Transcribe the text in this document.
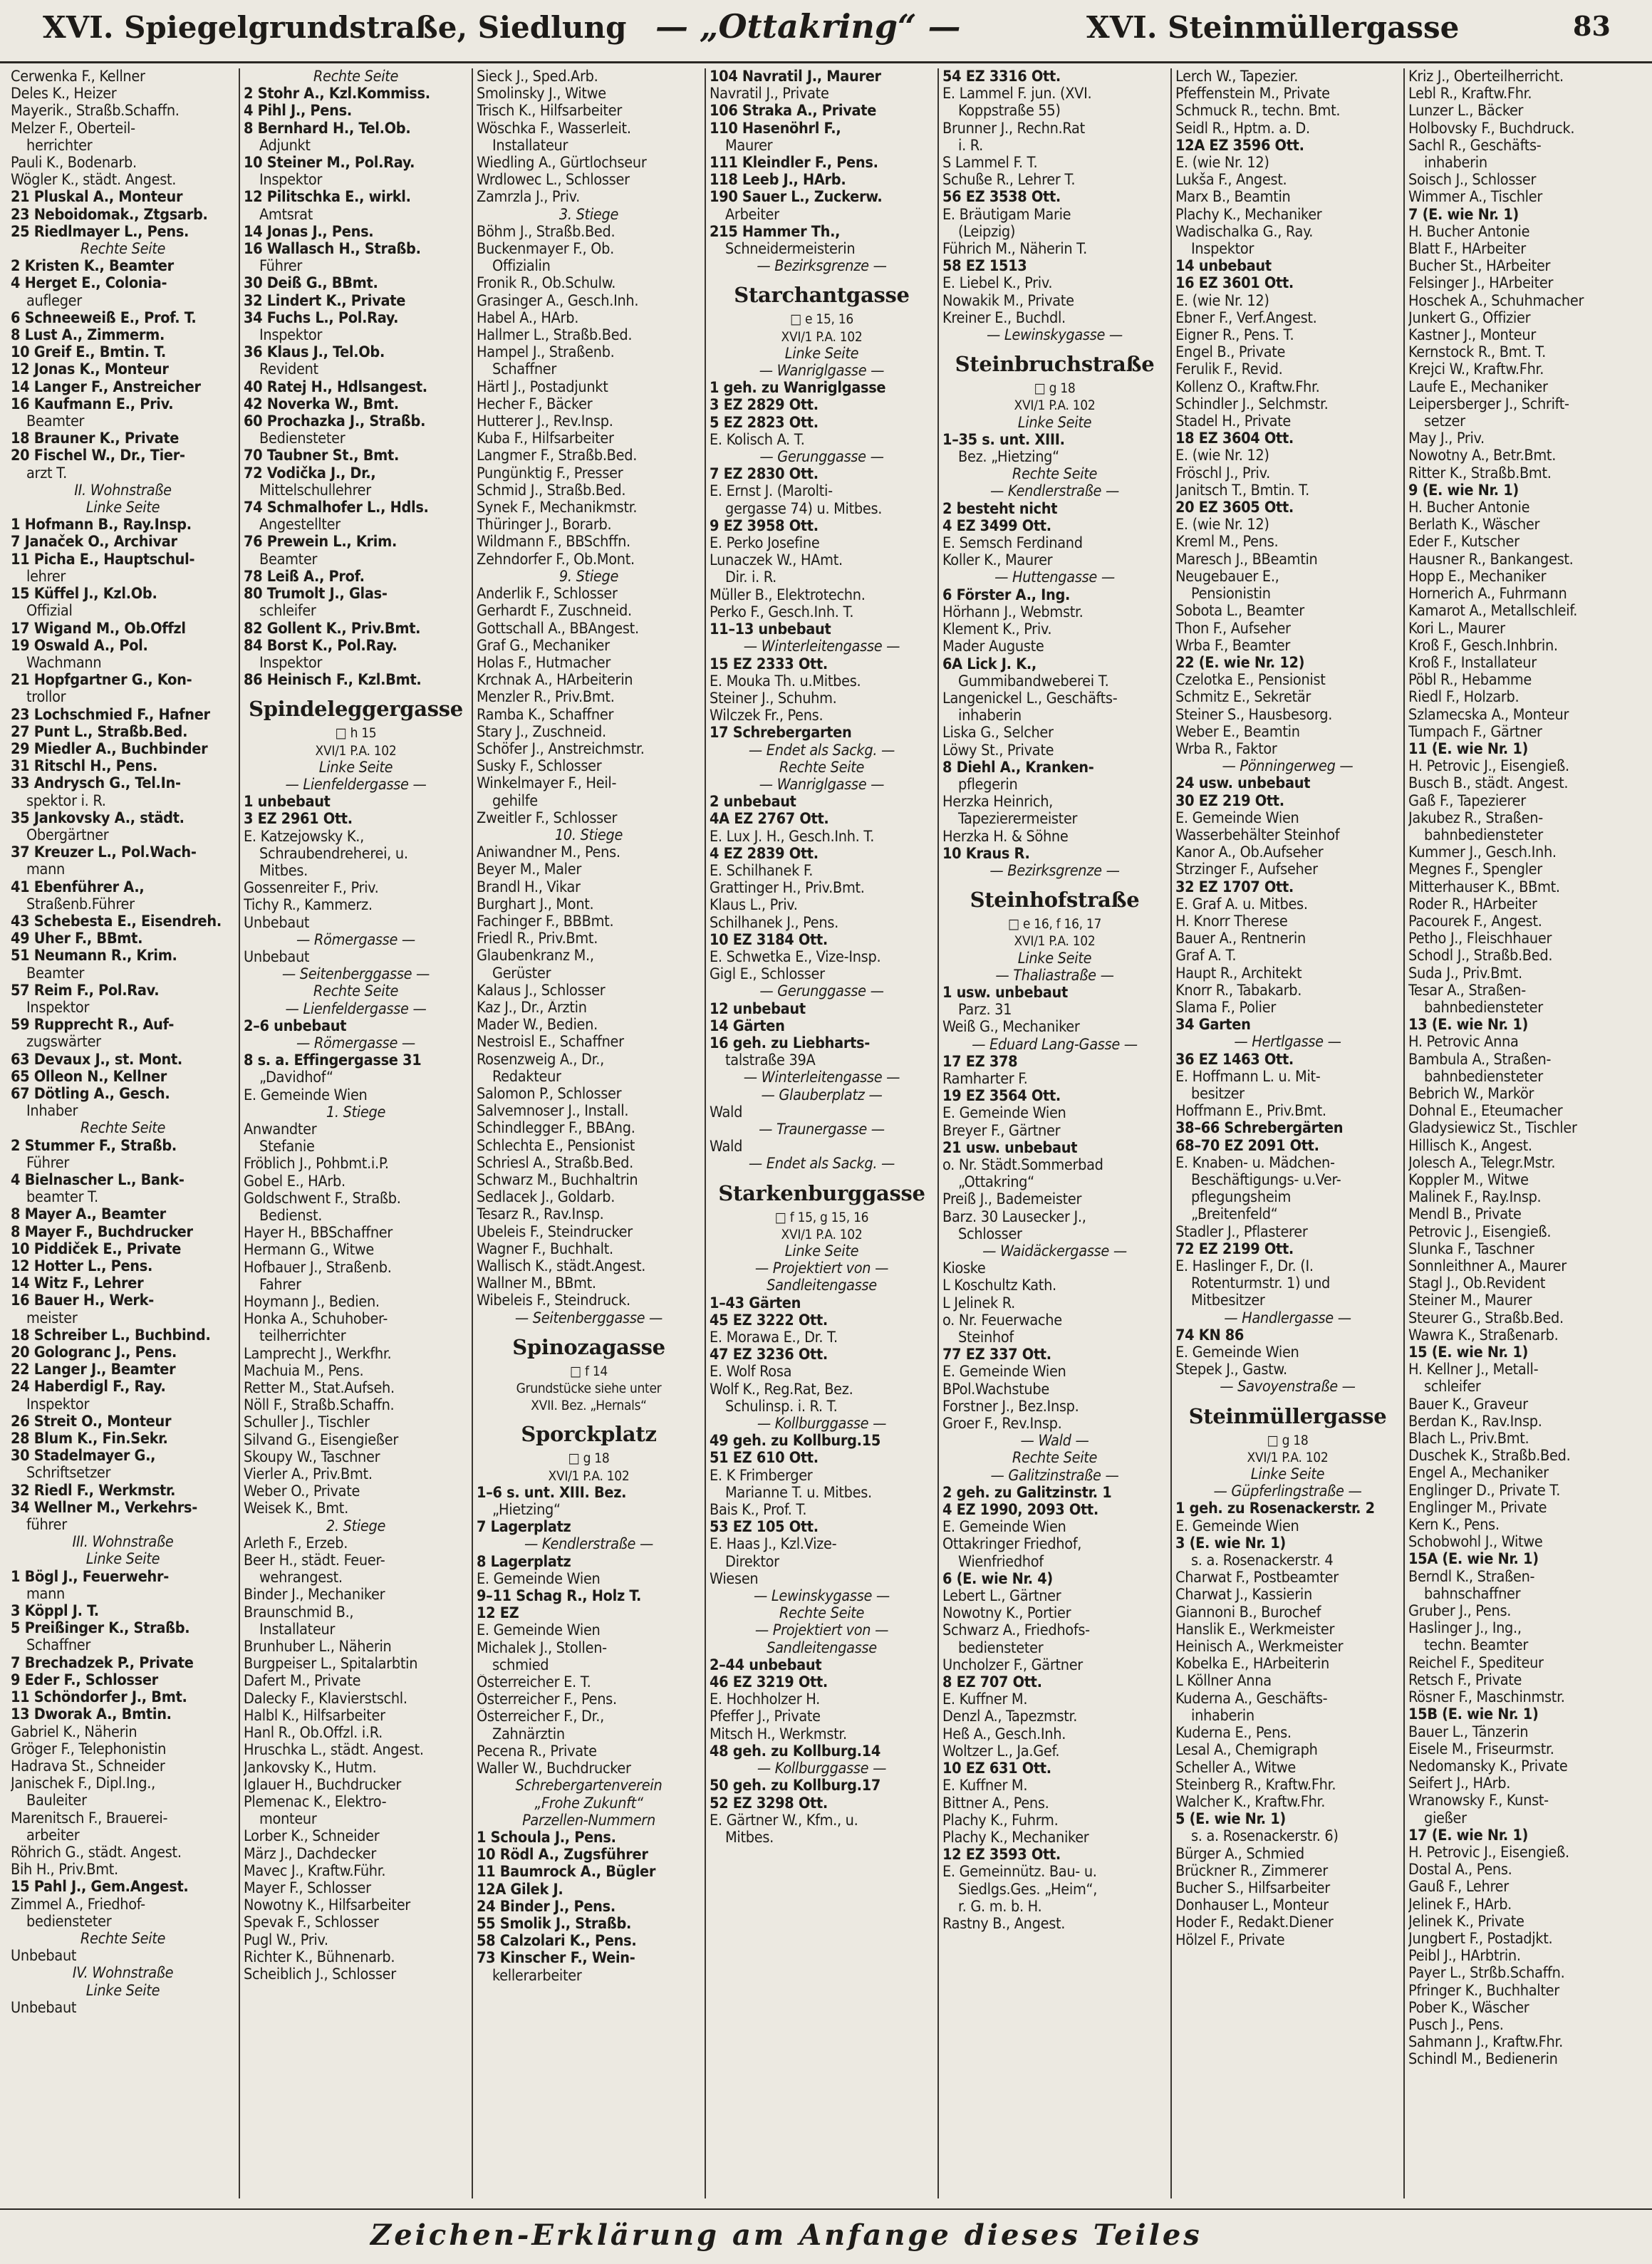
XVI. Spiegelgrundstraße, Siedlung — „Ottakring“ —	XVI. Steinmüllergasse	83
Cerwenka F., Kellner
Deles K., Heizer
Mayerik., Straßb.Schaffn.
Melzer F., Oberteil-
herrichter
Pauli K., Bodenarb.
Wögler K., städt. Angest.
21 Pluskal A., Monteur
23 Neboidomak., Ztgsarb.
25 Riedlmayer L., Pens.
Rechte Seite
2 Kristen K., Beamter
4 Herget E., Colonia-
aufleger
6 Schneeweiß E., Prof. T.
8 Lust A., Zimmerm.
10 Greif E., Bmtin. T.
12 Jonas K., Monteur
14 Langer F., Anstreicher
16 Kaufmann E., Priv.
Beamter
18 Brauner K., Private
20 Fischel W., Dr., Tier-
arzt T.
II. Wohnstraße
Linke Seite
1 Hofmann B., Ray.Insp.
7 Janaček O., Archivar
11 Picha E., Hauptschul-
lehrer
15 Küffel J., Kzl.Ob.
Offizial
17 Wigand M., Ob.Offzl
19 Oswald A., Pol.
Wachmann
21 Hopfgartner G., Kon-
trollor
23 Lochschmied F., Hafner
27 Punt L., Straßb.Bed.
29 Miedler A., Buchbinder
31 Ritschl H., Pens.
33 Andrysch G., Tel.In-
spektor i. R.
35 Jankovsky A., städt.
Obergärtner
37 Kreuzer L., Pol.Wach-
mann
41 Ebenführer A.,
Straßenb.Führer
43 Schebesta E., Eisendreh.
49 Uher F., BBmt.
51 Neumann R., Krim.
Beamter
57 Reim F., Pol.Rav.
Inspektor
59 Rupprecht R., Auf-
zugswärter
63 Devaux J., st. Mont.
65 Olleon N., Kellner
67 Dötling A., Gesch.
Inhaber
Rechte Seite
2 Stummer F., Straßb.
Führer
4 Bielnascher L., Bank-
beamter T.
8 Mayer A., Beamter
8 Mayer F., Buchdrucker
10 Piddiček E., Private
12 Hotter L., Pens.
14 Witz F., Lehrer
16 Bauer H., Werk-
meister
18 Schreiber L., Buchbind.
20 Gologranc J., Pens.
22 Langer J., Beamter
24 Haberdigl F., Ray.
Inspektor
26 Streit O., Monteur
28 Blum K., Fin.Sekr.
30 Stadelmayer G.,
Schriftsetzer
32 Riedl F., Werkmstr.
34 Wellner M., Verkehrs-
führer
III. Wohnstraße
Linke Seite
1 Bögl J., Feuerwehr-
mann
3 Köppl J. T.
5 Preißinger K., Straßb.
Schaffner
7 Brechadzek P., Private
9 Eder F., Schlosser
11 Schöndorfer J., Bmt.
13 Dworak A., Bmtin.
Gabriel K., Näherin
Gröger F., Telephonistin
Hadrava St., Schneider
Janischek F., Dipl.Ing.,
Bauleiter
Marenitsch F., Brauerei-
arbeiter
Röhrich G., städt. Angest.
Bih H., Priv.Bmt.
15 Pahl J., Gem.Angest.
Zimmel A., Friedhof-
bediensteter
Rechte Seite
Unbebaut
IV. Wohnstraße
Linke Seite
Unbebaut
Rechte Seite
2 Stohr A., Kzl.Kommiss.
4 Pihl J., Pens.
8 Bernhard H., Tel.Ob.
Adjunkt
10 Steiner M., Pol.Ray.
Inspektor
12 Pilitschka E., wirkl.
Amtsrat
14 Jonas J., Pens.
16 Wallasch H., Straßb.
Führer
30 Deiß G., BBmt.
32 Lindert K., Private
34 Fuchs L., Pol.Ray.
Inspektor
36 Klaus J., Tel.Ob.
Revident
40 Ratej H., Hdlsangest.
42 Noverka W., Bmt.
60 Prochazka J., Straßb.
Bediensteter
70 Taubner St., Bmt.
72 Vodička J., Dr.,
Mittelschullehrer
74 Schmalhofer L., Hdls.
Angestellter
76 Prewein L., Krim.
Beamter
78 Leiß A., Prof.
80 Trumolt J., Glas-
schleifer
82 Gollent K., Priv.Bmt.
84 Borst K., Pol.Ray.
Inspektor
86 Heinisch F., Kzl.Bmt.
Spindeleggergasse
□ h 15
XVI/1 P.A. 102
Linke Seite
— Lienfeldergasse —
1 unbebaut
3 EZ 2961 Ott.
E. Katzejowsky K.,
Schraubendreherei, u.
Mitbes.
Gossenreiter F., Priv.
Tichy R., Kammerz.
Unbebaut
— Römergasse —
Unbebaut
— Seitenberggasse —
Rechte Seite
— Lienfeldergasse —
2–6 unbebaut
— Römergasse —
8 s. a. Effingergasse 31
„Davidhof“
E. Gemeinde Wien
1. Stiege
Anwandter
Stefanie
Fröblich J., Pohbmt.i.P.
Gobel E., HArb.
Goldschwent F., Straßb.
Bedienst.
Hayer H., BBSchaffner
Hermann G., Witwe
Hofbauer J., Straßenb.
Fahrer
Hoymann J., Bedien.
Honka A., Schuhober-
teilherrichter
Lamprecht J., Werkfhr.
Machuia M., Pens.
Retter M., Stat.Aufseh.
Nöll F., Straßb.Schaffn.
Schuller J., Tischler
Silvand G., Eisengießer
Skoupy W., Taschner
Vierler A., Priv.Bmt.
Weber O., Private
Weisek K., Bmt.
2. Stiege
Arleth F., Erzeb.
Beer H., städt. Feuer-
wehrangest.
Binder J., Mechaniker
Braunschmid B.,
Installateur
Brunhuber L., Näherin
Burgpeiser L., Spitalarbtin
Dafert M., Private
Dalecky F., Klavierstschl.
Halbl K., Hilfsarbeiter
Hanl R., Ob.Offzl. i.R.
Hruschka L., städt. Angest.
Jankovsky K., Hutm.
Iglauer H., Buchdrucker
Plemenac K., Elektro-
monteur
Lorber K., Schneider
März J., Dachdecker
Mavec J., Kraftw.Führ.
Mayer F., Schlosser
Nowotny K., Hilfsarbeiter
Spevak F., Schlosser
Pugl W., Priv.
Richter K., Bühnenarb.
Scheiblich J., Schlosser
Sieck J., Sped.Arb.
Smolinsky J., Witwe
Trisch K., Hilfsarbeiter
Wöschka F., Wasserleit.
Installateur
Wiedling A., Gürtlochseur
Wrdlowec L., Schlosser
Zamrzla J., Priv.
3. Stiege
Böhm J., Straßb.Bed.
Buckenmayer F., Ob.
Offizialin
Fronik R., Ob.Schulw.
Grasinger A., Gesch.Inh.
Habel A., HArb.
Hallmer L., Straßb.Bed.
Hampel J., Straßenb.
Schaffner
Härtl J., Postadjunkt
Hecher F., Bäcker
Hutterer J., Rev.Insp.
Kuba F., Hilfsarbeiter
Langmer F., Straßb.Bed.
Pungünktig F., Presser
Schmid J., Straßb.Bed.
Synek F., Mechanikmstr.
Thüringer J., Borarb.
Wildmann F., BBSchffn.
Zehndorfer F., Ob.Mont.
9. Stiege
Anderlik F., Schlosser
Gerhardt F., Zuschneid.
Gottschall A., BBAngest.
Graf G., Mechaniker
Holas F., Hutmacher
Krchnak A., HArbeiterin
Menzler R., Priv.Bmt.
Ramba K., Schaffner
Stary J., Zuschneid.
Schöfer J., Anstreichmstr.
Susky F., Schlosser
Winkelmayer F., Heil-
gehilfe
Zweitler F., Schlosser
10. Stiege
Aniwandner M., Pens.
Beyer M., Maler
Brandl H., Vikar
Burghart J., Mont.
Fachinger F., BBBmt.
Friedl R., Priv.Bmt.
Glaubenkranz M.,
Gerüster
Kalaus J., Schlosser
Kaz J., Dr., Ärztin
Mader W., Bedien.
Nestroisl E., Schaffner
Rosenzweig A., Dr.,
Redakteur
Salomon P., Schlosser
Salvemnoser J., Install.
Schindlegger F., BBAng.
Schlechta E., Pensionist
Schriesl A., Straßb.Bed.
Schwarz M., Buchhaltrin
Sedlacek J., Goldarb.
Tesarz R., Rav.Insp.
Ubeleis F., Steindrucker
Wagner F., Buchhalt.
Wallisch K., städt.Angest.
Wallner M., BBmt.
Wibeleis F., Steindruck.
— Seitenberggasse —
Spinozagasse
□ f 14
Grundstücke siehe unter
XVII. Bez. „Hernals“
Sporckplatz
□ g 18
XVI/1 P.A. 102
1–6 s. unt. XIII. Bez.
„Hietzing“
7 Lagerplatz
— Kendlerstraße —
8 Lagerplatz
E. Gemeinde Wien
9–11 Schag R., Holz T.
12 EZ
E. Gemeinde Wien
Michalek J., Stollen-
schmied
Österreicher E. T.
Österreicher F., Pens.
Österreicher F., Dr.,
Zahnärztin
Pecena R., Private
Waller W., Buchdrucker
Schrebergartenverein
„Frohe Zukunft“
Parzellen-Nummern
1 Schoula J., Pens.
10 Rödl A., Zugsführer
11 Baumrock A., Bügler
12A Gilek J.
24 Binder J., Pens.
55 Smolik J., Straßb.
58 Calzolari K., Pens.
73 Kinscher F., Wein-
kellerarbeiter
104 Navratil J., Maurer
Navratil J., Private
106 Straka A., Private
110 Hasenöhrl F.,
Maurer
111 Kleindler F., Pens.
118 Leeb J., HArb.
190 Sauer L., Zuckerw.
Arbeiter
215 Hammer Th.,
Schneidermeisterin
— Bezirksgrenze —
Starchantgasse
□ e 15, 16
XVI/1 P.A. 102
Linke Seite
— Wanriglgasse —
1 geh. zu Wanriglgasse
3 EZ 2829 Ott.
5 EZ 2823 Ott.
E. Kolisch A. T.
— Gerunggasse —
7 EZ 2830 Ott.
E. Ernst J. (Marolti-
gergasse 74) u. Mitbes.
9 EZ 3958 Ott.
E. Perko Josefine
Lunaczek W., HAmt.
Dir. i. R.
Müller B., Elektrotechn.
Perko F., Gesch.Inh. T.
11–13 unbebaut
— Winterleitengasse —
15 EZ 2333 Ott.
E. Mouka Th. u.Mitbes.
Steiner J., Schuhm.
Wilczek Fr., Pens.
17 Schrebergarten
— Endet als Sackg. —
Rechte Seite
— Wanriglgasse —
2 unbebaut
4A EZ 2767 Ott.
E. Lux J. H., Gesch.Inh. T.
4 EZ 2839 Ott.
E. Schilhanek F.
Grattinger H., Priv.Bmt.
Klaus L., Priv.
Schilhanek J., Pens.
10 EZ 3184 Ott.
E. Schwetka E., Vize-Insp.
Gigl E., Schlosser
— Gerunggasse —
12 unbebaut
14 Gärten
16 geh. zu Liebharts-
talstraße 39A
— Winterleitengasse —
— Glauberplatz —
Wald
— Traunergasse —
Wald
— Endet als Sackg. —
Starkenburggasse
□ f 15, g 15, 16
XVI/1 P.A. 102
Linke Seite
— Projektiert von —
Sandleitengasse
1–43 Gärten
45 EZ 3222 Ott.
E. Morawa E., Dr. T.
47 EZ 3236 Ott.
E. Wolf Rosa
Wolf K., Reg.Rat, Bez.
Schulinsp. i. R. T.
— Kollburggasse —
49 geh. zu Kollburg.15
51 EZ 610 Ott.
E. K Frimberger
Marianne T. u. Mitbes.
Bais K., Prof. T.
53 EZ 105 Ott.
E. Haas J., Kzl.Vize-
Direktor
Wiesen
— Lewinskygasse —
Rechte Seite
— Projektiert von —
Sandleitengasse
2–44 unbebaut
46 EZ 3219 Ott.
E. Hochholzer H.
Pfeffer J., Private
Mitsch H., Werkmstr.
48 geh. zu Kollburg.14
— Kollburggasse —
50 geh. zu Kollburg.17
52 EZ 3298 Ott.
E. Gärtner W., Kfm., u.
Mitbes.
54 EZ 3316 Ott.
E. Lammel F. jun. (XVI.
Koppstraße 55)
Brunner J., Rechn.Rat
i. R.
S Lammel F. T.
Schuße R., Lehrer T.
56 EZ 3538 Ott.
E. Bräutigam Marie
(Leipzig)
Führich M., Näherin T.
58 EZ 1513
E. Liebel K., Priv.
Nowakik M., Private
Kreiner E., Buchdl.
— Lewinskygasse —
Steinbruchstraße
□ g 18
XVI/1 P.A. 102
Linke Seite
1–35 s. unt. XIII.
Bez. „Hietzing“
Rechte Seite
— Kendlerstraße —
2 besteht nicht
4 EZ 3499 Ott.
E. Semsch Ferdinand
Koller K., Maurer
— Huttengasse —
6 Förster A., Ing.
Hörhann J., Webmstr.
Klement K., Priv.
Mader Auguste
6A Lick J. K.,
Gummibandweberei T.
Langenickel L., Geschäfts-
inhaberin
Liska G., Selcher
Löwy St., Private
8 Diehl A., Kranken-
pflegerin
Herzka Heinrich,
Tapezierermeister
Herzka H. & Söhne
10 Kraus R.
— Bezirksgrenze —
Steinhofstraße
□ e 16, f 16, 17
XVI/1 P.A. 102
Linke Seite
— Thaliastraße —
1 usw. unbebaut
Parz. 31
Weiß G., Mechaniker
— Eduard Lang-Gasse —
17 EZ 378
Ramharter F.
19 EZ 3564 Ott.
E. Gemeinde Wien
Breyer F., Gärtner
21 usw. unbebaut
o. Nr. Städt.Sommerbad
„Ottakring“
Preiß J., Bademeister
Barz. 30 Lausecker J.,
Schlosser
— Waidäckergasse —
Kioske
L Koschultz Kath.
L Jelinek R.
o. Nr. Feuerwache
Steinhof
77 EZ 337 Ott.
E. Gemeinde Wien
BPol.Wachstube
Forstner J., Bez.Insp.
Groer F., Rev.Insp.
— Wald —
Rechte Seite
— Galitzinstraße —
2 geh. zu Galitzinstr. 1
4 EZ 1990, 2093 Ott.
E. Gemeinde Wien
Ottakringer Friedhof,
Wienfriedhof
6 (E. wie Nr. 4)
Lebert L., Gärtner
Nowotny K., Portier
Schwarz A., Friedhofs-
bediensteter
Uncholzer F., Gärtner
8 EZ 707 Ott.
E. Kuffner M.
Denzl A., Tapezmstr.
Heß A., Gesch.Inh.
Woltzer L., Ja.Gef.
10 EZ 631 Ott.
E. Kuffner M.
Bittner A., Pens.
Plachy K., Fuhrm.
Plachy K., Mechaniker
12 EZ 3593 Ott.
E. Gemeinnütz. Bau- u.
Siedlgs.Ges. „Heim“,
r. G. m. b. H.
Rastny B., Angest.
Lerch W., Tapezier.
Pfeffenstein M., Private
Schmuck R., techn. Bmt.
Seidl R., Hptm. a. D.
12A EZ 3596 Ott.
E. (wie Nr. 12)
Lukša F., Angest.
Marx B., Beamtin
Plachy K., Mechaniker
Wadischalka G., Ray.
Inspektor
14 unbebaut
16 EZ 3601 Ott.
E. (wie Nr. 12)
Ebner F., Verf.Angest.
Eigner R., Pens. T.
Engel B., Private
Ferulik F., Revid.
Kollenz O., Kraftw.Fhr.
Schindler J., Selchmstr.
Stadel H., Private
18 EZ 3604 Ott.
E. (wie Nr. 12)
Fröschl J., Priv.
Janitsch T., Bmtin. T.
20 EZ 3605 Ott.
E. (wie Nr. 12)
Kreml M., Pens.
Maresch J., BBeamtin
Neugebauer E.,
Pensionistin
Sobota L., Beamter
Thon F., Aufseher
Wrba F., Beamter
22 (E. wie Nr. 12)
Czelotka E., Pensionist
Schmitz E., Sekretär
Steiner S., Hausbesorg.
Weber E., Beamtin
Wrba R., Faktor
— Pönningerweg —
24 usw. unbebaut
30 EZ 219 Ott.
E. Gemeinde Wien
Wasserbehälter Steinhof
Kanor A., Ob.Aufseher
Strzinger F., Aufseher
32 EZ 1707 Ott.
E. Graf A. u. Mitbes.
H. Knorr Therese
Bauer A., Rentnerin
Graf A. T.
Haupt R., Architekt
Knorr R., Tabakarb.
Slama F., Polier
34 Garten
— Hertlgasse —
36 EZ 1463 Ott.
E. Hoffmann L. u. Mit-
besitzer
Hoffmann E., Priv.Bmt.
38–66 Schrebergärten
68–70 EZ 2091 Ott.
E. Knaben- u. Mädchen-
Beschäftigungs- u.Ver-
pflegungsheim
„Breitenfeld“
Stadler J., Pflasterer
72 EZ 2199 Ott.
E. Haslinger F., Dr. (I.
Rotenturmstr. 1) und
Mitbesitzer
— Handlergasse —
74 KN 86
E. Gemeinde Wien
Stepek J., Gastw.
— Savoyenstraße —
Steinmüllergasse
□ g 18
XVI/1 P.A. 102
Linke Seite
— Güpferlingstraße —
1 geh. zu Rosenackerstr. 2
E. Gemeinde Wien
3 (E. wie Nr. 1)
s. a. Rosenackerstr. 4
Charwat F., Postbeamter
Charwat J., Kassierin
Giannoni B., Burochef
Hanslik E., Werkmeister
Heinisch A., Werkmeister
Kobelka E., HArbeiterin
L Köllner Anna
Kuderna A., Geschäfts-
inhaberin
Kuderna E., Pens.
Lesal A., Chemigraph
Scheller A., Witwe
Steinberg R., Kraftw.Fhr.
Walcher K., Kraftw.Fhr.
5 (E. wie Nr. 1)
s. a. Rosenackerstr. 6)
Bürger A., Schmied
Brückner R., Zimmerer
Bucher S., Hilfsarbeiter
Donhauser L., Monteur
Hoder F., Redakt.Diener
Hölzel F., Private
Kriz J., Oberteilherricht.
Lebl R., Kraftw.Fhr.
Lunzer L., Bäcker
Holbovsky F., Buchdruck.
Sachl R., Geschäfts-
inhaberin
Soisch J., Schlosser
Wimmer A., Tischler
7 (E. wie Nr. 1)
H. Bucher Antonie
Blatt F., HArbeiter
Bucher St., HArbeiter
Felsinger J., HArbeiter
Hoschek A., Schuhmacher
Junkert G., Offizier
Kastner J., Monteur
Kernstock R., Bmt. T.
Krejci W., Kraftw.Fhr.
Laufe E., Mechaniker
Leipersberger J., Schrift-
setzer
May J., Priv.
Nowotny A., Betr.Bmt.
Ritter K., Straßb.Bmt.
9 (E. wie Nr. 1)
H. Bucher Antonie
Berlath K., Wäscher
Eder F., Kutscher
Hausner R., Bankangest.
Hopp E., Mechaniker
Hornerich A., Fuhrmann
Kamarot A., Metallschleif.
Kori L., Maurer
Kroß F., Gesch.Inhbrin.
Kroß F., Installateur
Pöbl R., Hebamme
Riedl F., Holzarb.
Szlamecska A., Monteur
Tumpach F., Gärtner
11 (E. wie Nr. 1)
H. Petrovic J., Eisengieß.
Busch B., städt. Angest.
Gaß F., Tapezierer
Jakubez R., Straßen-
bahnbediensteter
Kummer J., Gesch.Inh.
Megnes F., Spengler
Mitterhauser K., BBmt.
Roder R., HArbeiter
Pacourek F., Angest.
Petho J., Fleischhauer
Schodl J., Straßb.Bed.
Suda J., Priv.Bmt.
Tesar A., Straßen-
bahnbediensteter
13 (E. wie Nr. 1)
H. Petrovic Anna
Bambula A., Straßen-
bahnbediensteter
Bebrich W., Markör
Dohnal E., Eteumacher
Gladysiewicz St., Tischler
Hillisch K., Angest.
Jolesch A., Telegr.Mstr.
Koppler M., Witwe
Malinek F., Ray.Insp.
Mendl B., Private
Petrovic J., Eisengieß.
Slunka F., Taschner
Sonnleithner A., Maurer
Stagl J., Ob.Revident
Steiner M., Maurer
Steurer G., Straßb.Bed.
Wawra K., Straßenarb.
15 (E. wie Nr. 1)
H. Kellner J., Metall-
schleifer
Bauer K., Graveur
Berdan K., Rav.Insp.
Blach L., Priv.Bmt.
Duschek K., Straßb.Bed.
Engel A., Mechaniker
Englinger D., Private T.
Englinger M., Private
Kern K., Pens.
Schobwohl J., Witwe
15A (E. wie Nr. 1)
Berndl K., Straßen-
bahnschaffner
Gruber J., Pens.
Haslinger J., Ing.,
techn. Beamter
Reichel F., Spediteur
Retsch F., Private
Rösner F., Maschinmstr.
15B (E. wie Nr. 1)
Bauer L., Tänzerin
Eisele M., Friseurmstr.
Nedomansky K., Private
Seifert J., HArb.
Wranowsky F., Kunst-
gießer
17 (E. wie Nr. 1)
H. Petrovic J., Eisengieß.
Dostal A., Pens.
Gauß F., Lehrer
Jelinek F., HArb.
Jelinek K., Private
Jungbert F., Postadjkt.
Peibl J., HArbtrin.
Payer L., Strßb.Schaffn.
Pfringer K., Buchhalter
Pober K., Wäscher
Pusch J., Pens.
Sahmann J., Kraftw.Fhr.
Schindl M., Bedienerin
Zeichen-Erklärung am Anfange dieses Teiles
